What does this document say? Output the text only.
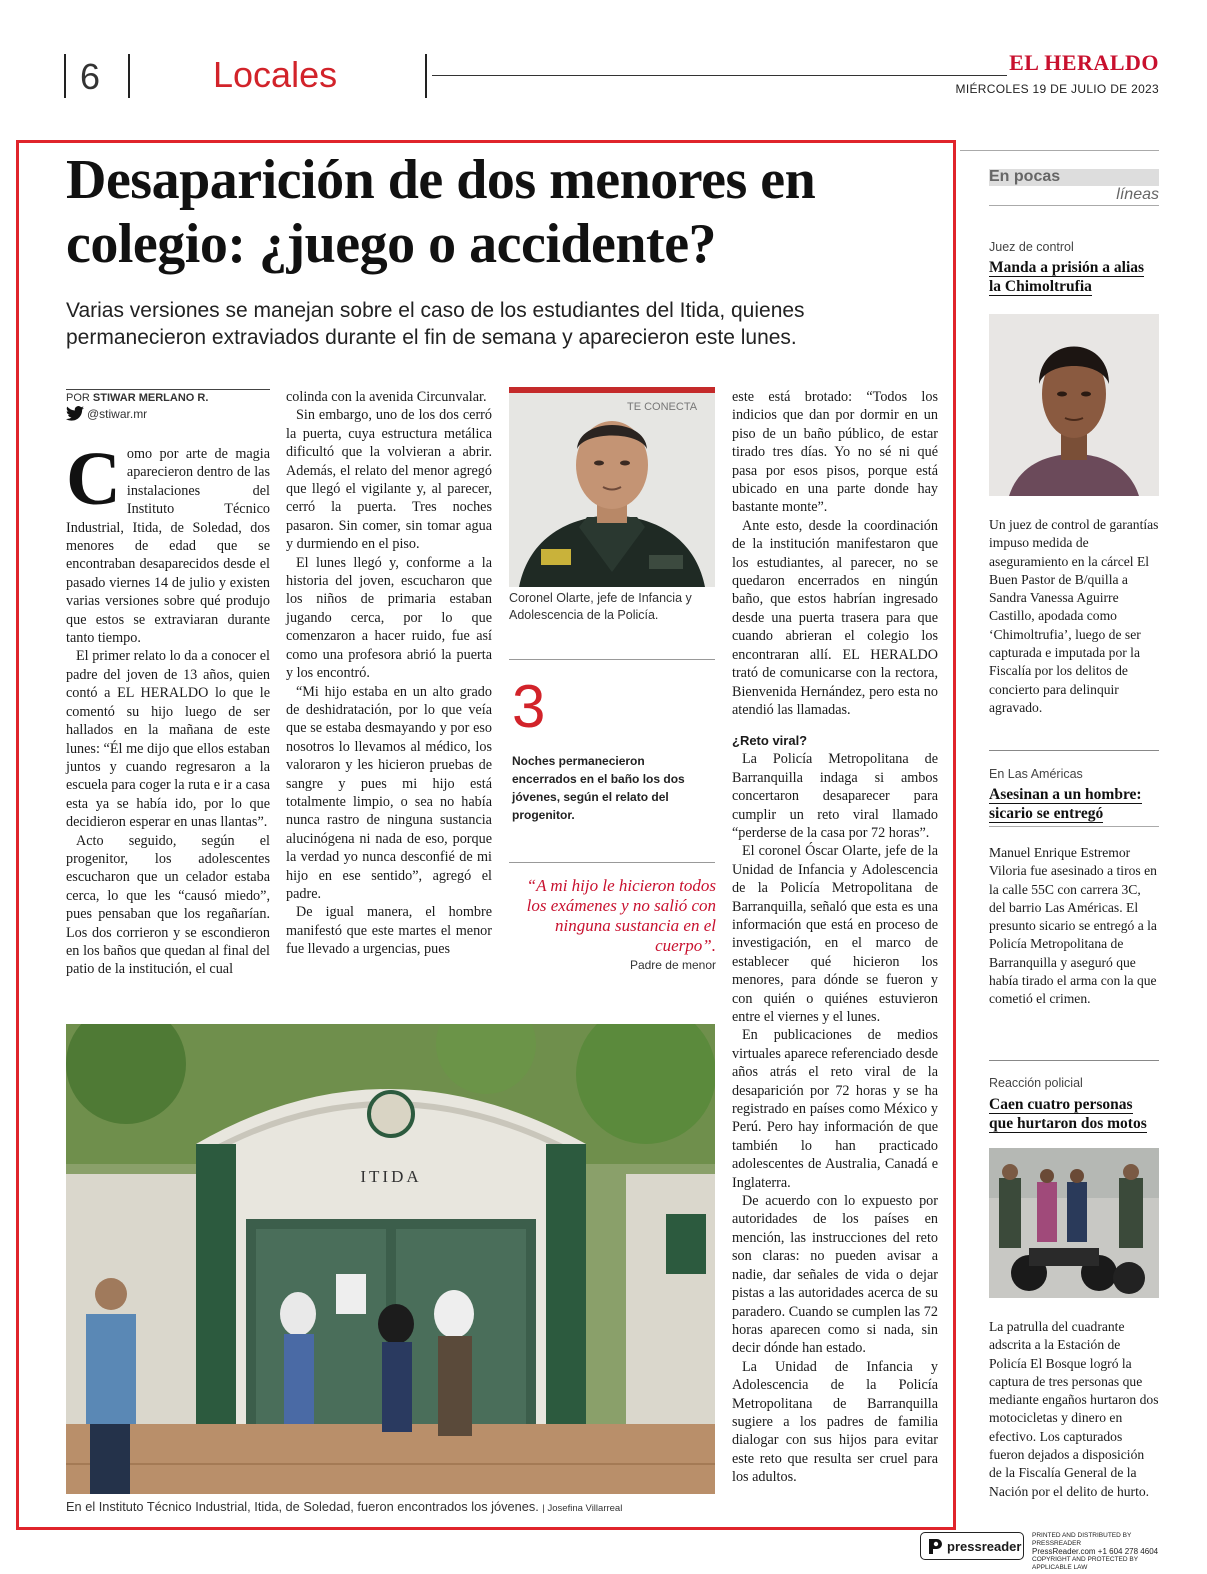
6	Locales	EL HERALDO
MIÉRCOLES 19 DE JULIO DE 2023
Desaparición de dos menores en colegio: ¿juego o accidente?
Varias versiones se manejan sobre el caso de los estudiantes del Itida, quienes permanecieron extraviados durante el fin de semana y aparecieron este lunes.
POR STIWAR MERLANO R.
@stiwar.mr

Como por arte de magia aparecieron dentro de las instalaciones del Instituto Técnico Industrial, Itida, de Soledad, dos menores de edad que se encontraban desaparecidos desde el pasado viernes 14 de julio y existen varias versiones sobre qué produjo que estos se extraviaran durante tanto tiempo.

El primer relato lo da a conocer el padre del joven de 13 años, quien contó a EL HERALDO lo que le comentó su hijo luego de ser hallados en la mañana de este lunes: “Él me dijo que ellos estaban juntos y cuando regresaron a la escuela para coger la ruta e ir a casa esta ya se había ido, por lo que decidieron esperar en unas llantas”.

Acto seguido, según el progenitor, los adolescentes escucharon que un celador estaba cerca, lo que les “causó miedo”, pues pensaban que los regañarían. Los dos corrieron y se escondieron en los baños que quedan al final del patio de la institución, el cual

colinda con la avenida Circunvalar.

Sin embargo, uno de los dos cerró la puerta, cuya estructura metálica dificultó que la volvieran a abrir. Además, el relato del menor agregó que llegó el vigilante y, al parecer, cerró la puerta. Tres noches pasaron. Sin comer, sin tomar agua y durmiendo en el piso.

El lunes llegó y, conforme a la historia del joven, escucharon que los niños de primaria estaban jugando cerca, por lo que comenzaron a hacer ruido, fue así como una profesora abrió la puerta y los encontró.

“Mi hijo estaba en un alto grado de deshidratación, por lo que veía que se estaba desmayando y por eso nosotros lo llevamos al médico, los valoraron y les hicieron pruebas de sangre y pues mi hijo está totalmente limpio, o sea no había nunca rastro de ninguna sustancia alucinógena ni nada de eso, porque la verdad yo nunca desconfié de mi hijo en ese sentido”, agregó el padre.

De igual manera, el hombre manifestó que este martes el menor fue llevado a urgencias, pues

TE CONECTA
Coronel Olarte, jefe de Infancia y Adolescencia de la Policía.
3
Noches permanecieron encerrados en el baño los dos jóvenes, según el relato del progenitor.
“A mi hijo le hicieron todos los exámenes y no salió con ninguna sustancia en el cuerpo”.
Padre de menor

este está brotado: “Todos los indicios que dan por dormir en un piso de un baño público, de estar tirado tres días. Yo no sé ni qué pasa por esos pisos, porque está ubicado en una parte donde hay bastante monte”.

Ante esto, desde la coordinación de la institución manifestaron que los estudiantes, al parecer, no se quedaron encerrados en ningún baño, que estos habrían ingresado desde una puerta trasera para que cuando abrieran el colegio los encontraran allí. EL HERALDO trató de comunicarse con la rectora, Bienvenida Hernández, pero esta no atendió las llamadas.

¿Reto viral?

La Policía Metropolitana de Barranquilla indaga si ambos concertaron desaparecer para cumplir un reto viral llamado “perderse de la casa por 72 horas”.

El coronel Óscar Olarte, jefe de la Unidad de Infancia y Adolescencia de la Policía Metropolitana de Barranquilla, señaló que esta es una información que está en proceso de investigación, en el marco de establecer qué hicieron los menores, para dónde se fueron y con quién o quiénes estuvieron entre el viernes y el lunes.

En publicaciones de medios virtuales aparece referenciado desde años atrás el reto viral de la desaparición por 72 horas y se ha registrado en países como México y Perú. Pero hay información de que también lo han practicado adolescentes de Australia, Canadá e Inglaterra.

De acuerdo con lo expuesto por autoridades de los países en mención, las instrucciones del reto son claras: no pueden avisar a nadie, dar señales de vida o dejar pistas a las autoridades acerca de su paradero. Cuando se cumplen las 72 horas aparecen como si nada, sin decir dónde han estado.

La Unidad de Infancia y Adolescencia de la Policía Metropolitana de Barranquilla sugiere a los padres de familia dialogar con sus hijos para evitar este reto que resulta ser cruel para los adultos.

ITIDA
En el Instituto Técnico Industrial, Itida, de Soledad, fueron encontrados los jóvenes. | Josefina Villarreal
En pocas
líneas
Juez de control
Manda a prisión a alias la Chimoltrufia
Un juez de control de garantías impuso medida de aseguramiento en la cárcel El Buen Pastor de B/quilla a Sandra Vanessa Aguirre Castillo, apodada como ‘Chimoltrufia’, luego de ser capturada e imputada por la Fiscalía por los delitos de concierto para delinquir agravado.
En Las Américas
Asesinan a un hombre: sicario se entregó
Manuel Enrique Estremor Viloria fue asesinado a tiros en la calle 55C con carrera 3C, del barrio Las Américas. El presunto sicario se entregó a la Policía Metropolitana de Barranquilla y aseguró que había tirado el arma con la que cometió el crimen.
Reacción policial
Caen cuatro personas que hurtaron dos motos
La patrulla del cuadrante adscrita a la Estación de Policía El Bosque logró la captura de tres personas que mediante engaños hurtaron dos motocicletas y dinero en efectivo. Los capturados fueron dejados a disposición de la Fiscalía General de la Nación por el delito de hurto.
pressreader
PRINTED AND DISTRIBUTED BY PRESSREADER
PressReader.com +1 604 278 4604
COPYRIGHT AND PROTECTED BY APPLICABLE LAW
